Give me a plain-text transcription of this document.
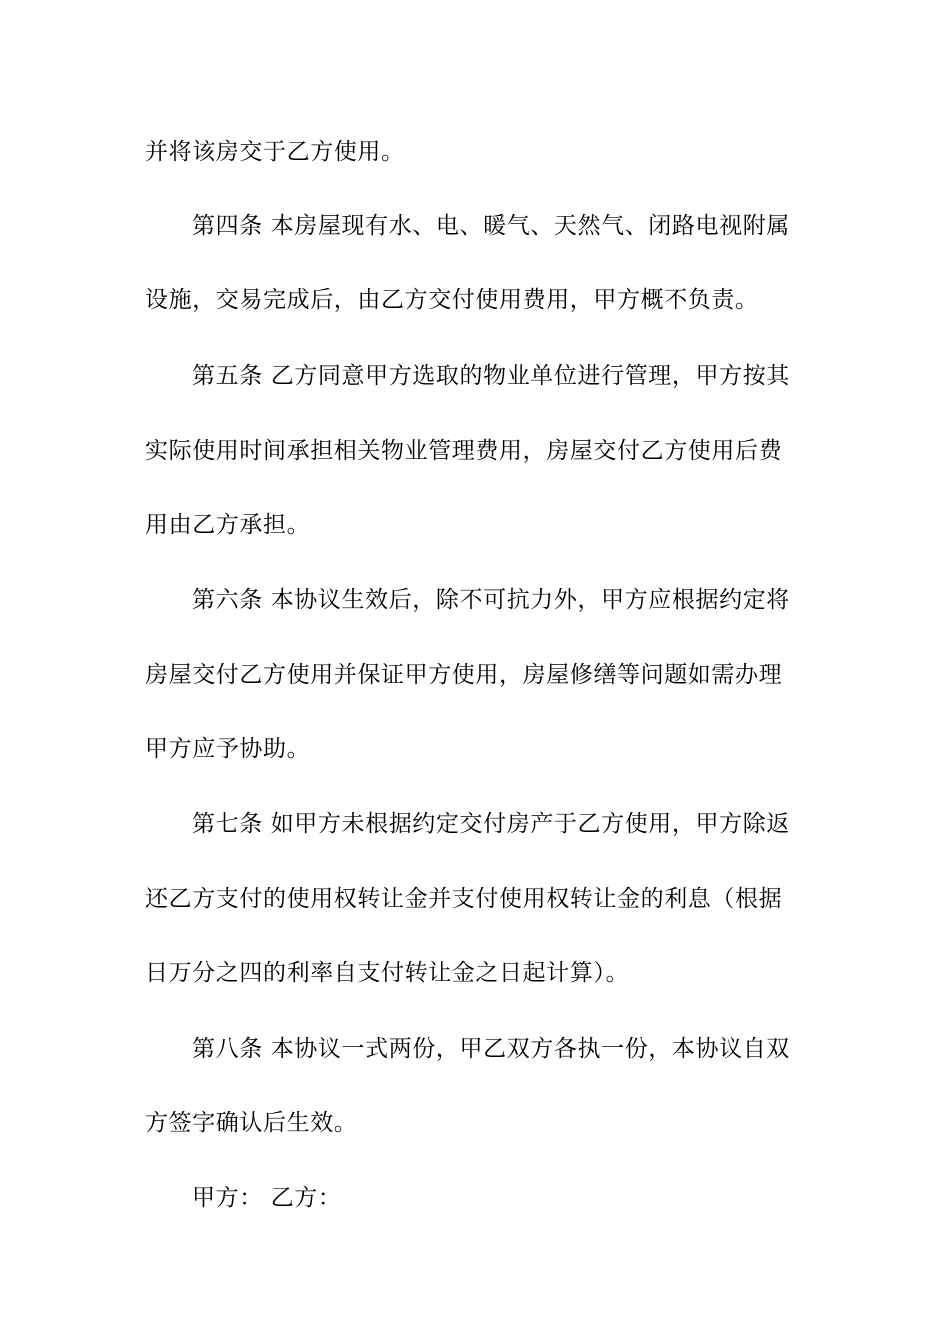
并将该房交于乙方使用。
第四条 本房屋现有水、电、暖气、天然气、闭路电视附属
设施，交易完成后，由乙方交付使用费用，甲方概不负责。
第五条 乙方同意甲方选取的物业单位进行管理，甲方按其
实际使用时间承担相关物业管理费用，房屋交付乙方使用后费
用由乙方承担。
第六条 本协议生效后，除不可抗力外，甲方应根据约定将
房屋交付乙方使用并保证甲方使用，房屋修缮等问题如需办理
甲方应予协助。
第七条 如甲方未根据约定交付房产于乙方使用，甲方除返
还乙方支付的使用权转让金并支付使用权转让金的利息（根据
日万分之四的利率自支付转让金之日起计算）。
第八条 本协议一式两份，甲乙双方各执一份，本协议自双
方签字确认后生效。
甲方： 乙方：
